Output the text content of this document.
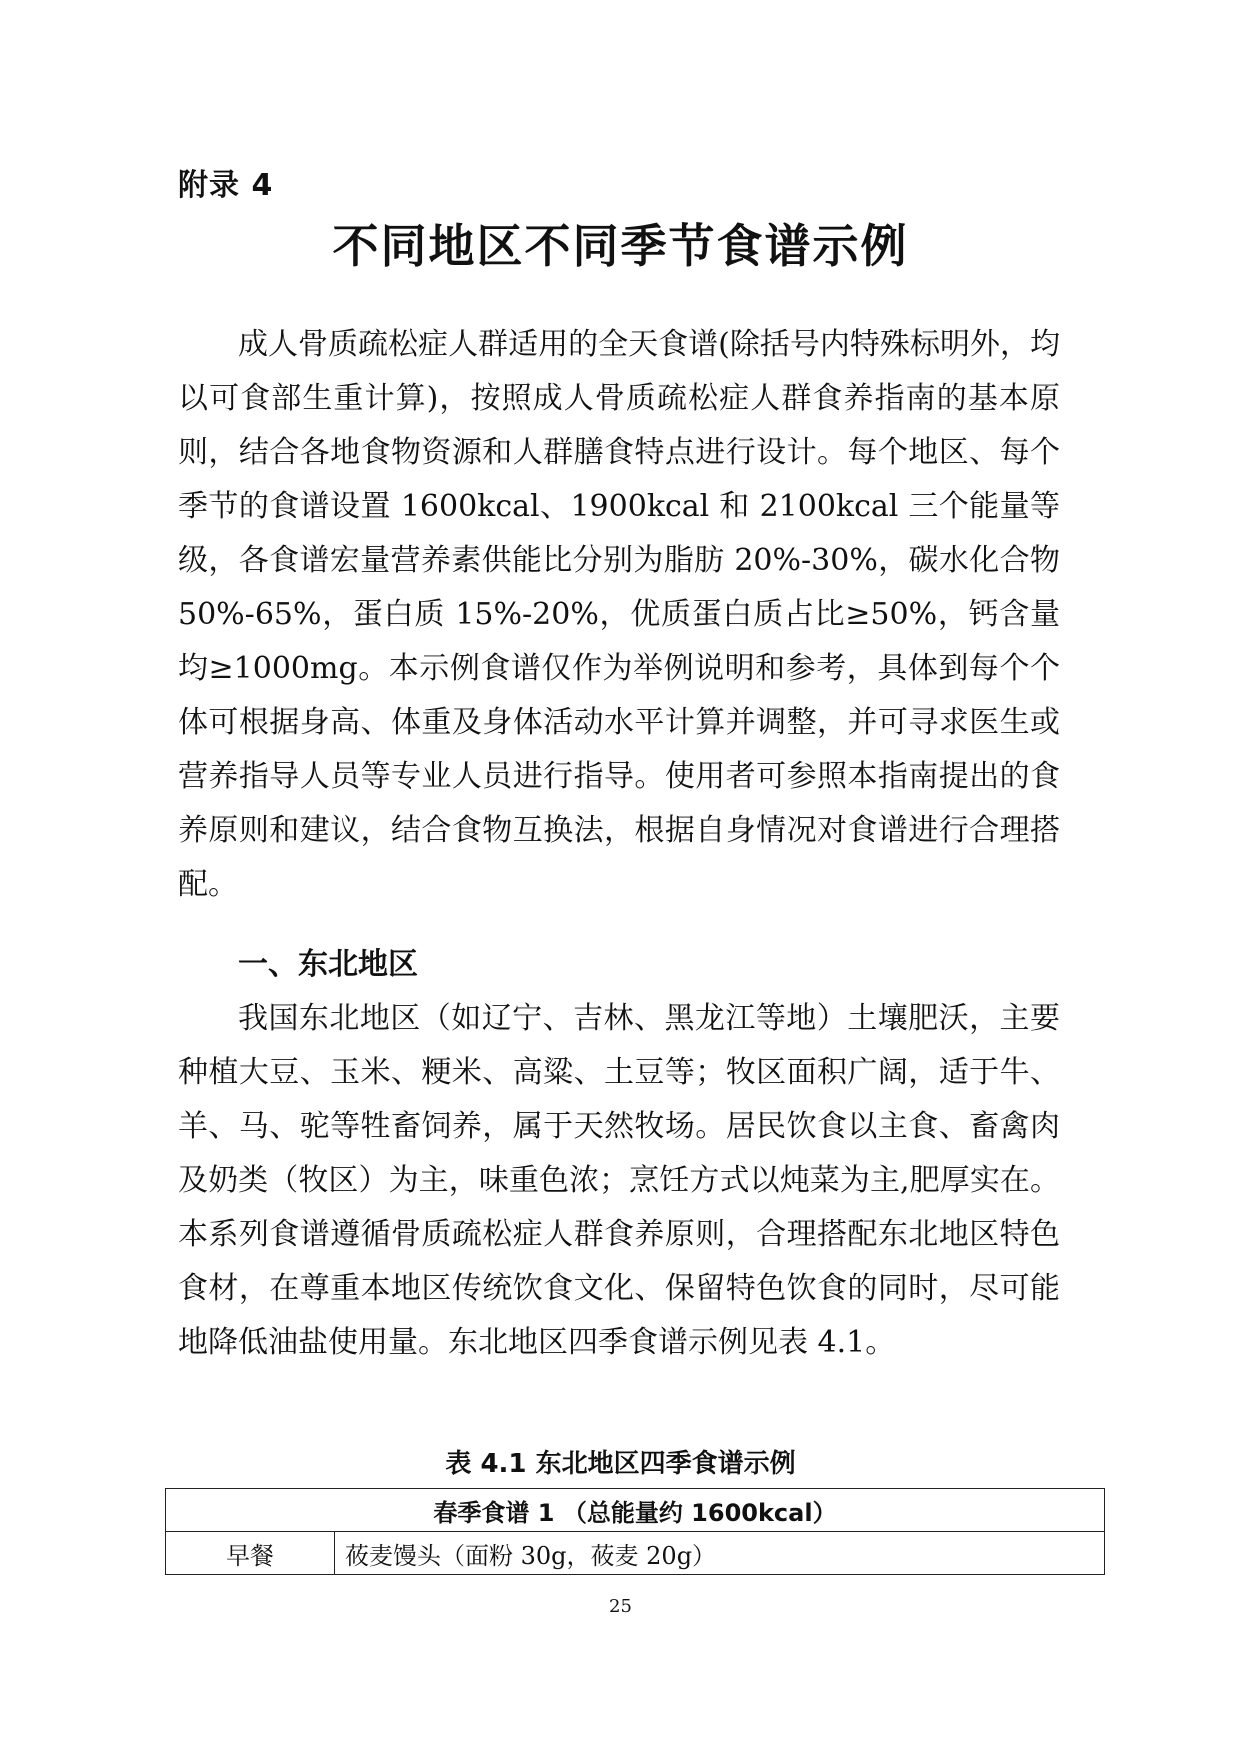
附录 4
不同地区不同季节食谱示例

成人骨质疏松症人群适用的全天食谱(除括号内特殊标明外，均以可食部生重计算)，按照成人骨质疏松症人群食养指南的基本原则，结合各地食物资源和人群膳食特点进行设计。每个地区、每个季节的食谱设置 1600kcal、1900kcal 和 2100kcal 三个能量等级，各食谱宏量营养素供能比分别为脂肪 20%-30%，碳水化合物 50%-65%，蛋白质 15%-20%，优质蛋白质占比≥50%，钙含量均≥1000mg。本示例食谱仅作为举例说明和参考，具体到每个个体可根据身高、体重及身体活动水平计算并调整，并可寻求医生或营养指导人员等专业人员进行指导。使用者可参照本指南提出的食养原则和建议，结合食物互换法，根据自身情况对食谱进行合理搭配。

一、东北地区

我国东北地区（如辽宁、吉林、黑龙江等地）土壤肥沃，主要种植大豆、玉米、粳米、高粱、土豆等；牧区面积广阔，适于牛、羊、马、驼等牲畜饲养，属于天然牧场。居民饮食以主食、畜禽肉及奶类（牧区）为主，味重色浓；烹饪方式以炖菜为主,肥厚实在。本系列食谱遵循骨质疏松症人群食养原则，合理搭配东北地区特色食材，在尊重本地区传统饮食文化、保留特色饮食的同时，尽可能地降低油盐使用量。东北地区四季食谱示例见表 4.1。

表 4.1 东北地区四季食谱示例
春季食谱 1 （总能量约 1600kcal）
早餐	莜麦馒头（面粉 30g，莜麦 20g）
25
